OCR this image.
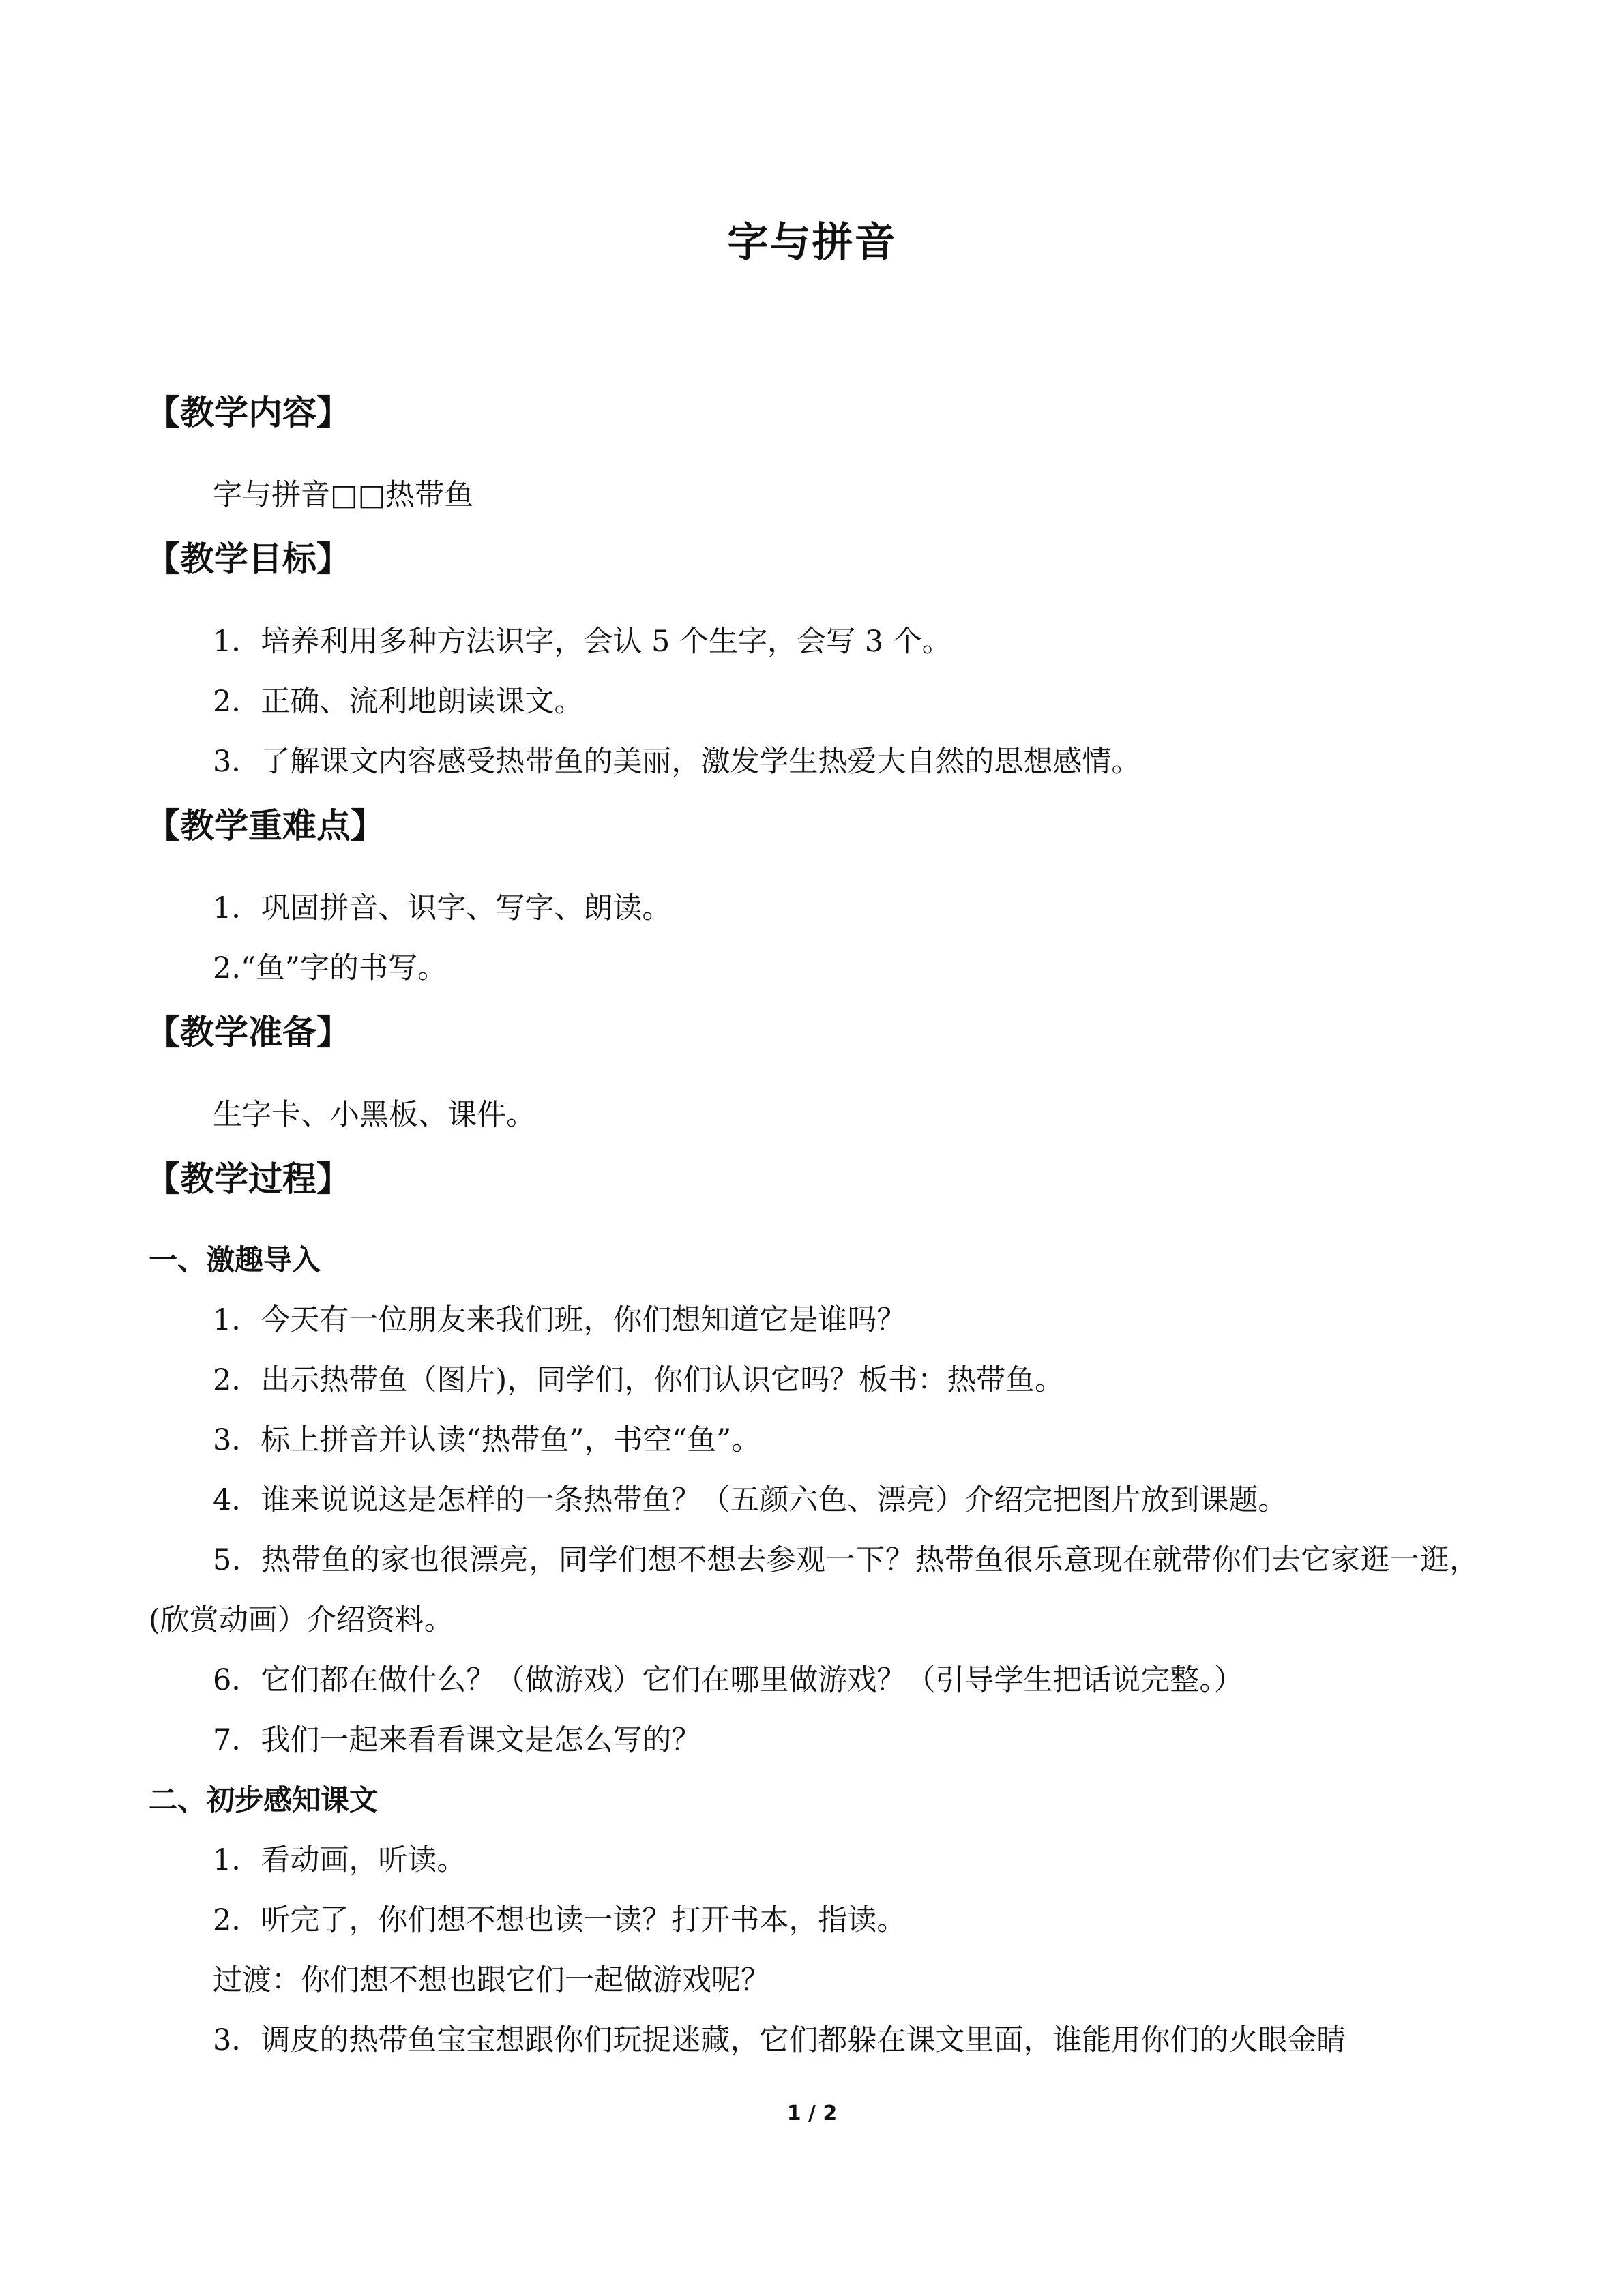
字与拼音
【教学内容】
字与拼音□□热带鱼
【教学目标】
1．培养利用多种方法识字，会认 5 个生字，会写 3 个。
2．正确、流利地朗读课文。
3．了解课文内容感受热带鱼的美丽，激发学生热爱大自然的思想感情。
【教学重难点】
1．巩固拼音、识字、写字、朗读。
2.“鱼”字的书写。
【教学准备】
生字卡、小黑板、课件。
【教学过程】
一、激趣导入
1．今天有一位朋友来我们班，你们想知道它是谁吗？
2．出示热带鱼（图片)，同学们，你们认识它吗？板书：热带鱼。
3．标上拼音并认读“热带鱼”，书空“鱼”。
4．谁来说说这是怎样的一条热带鱼？（五颜六色、漂亮）介绍完把图片放到课题。
5．热带鱼的家也很漂亮，同学们想不想去参观一下？热带鱼很乐意现在就带你们去它家逛一逛，(欣赏动画）介绍资料。
6．它们都在做什么？（做游戏）它们在哪里做游戏？（引导学生把话说完整。）
7．我们一起来看看课文是怎么写的？
二、初步感知课文
1．看动画，听读。
2．听完了，你们想不想也读一读？打开书本，指读。
过渡：你们想不想也跟它们一起做游戏呢？
3．调皮的热带鱼宝宝想跟你们玩捉迷藏，它们都躲在课文里面，谁能用你们的火眼金睛
1 / 2
